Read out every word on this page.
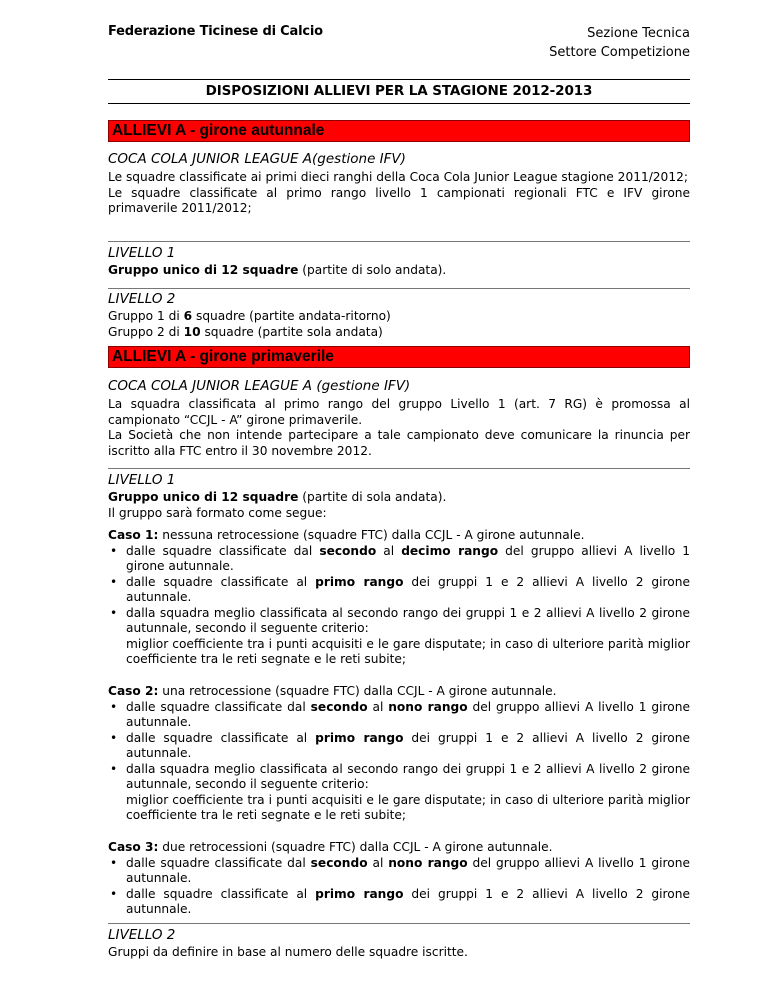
Federazione Ticinese di Calcio	Sezione Tecnica
Settore Competizione
DISPOSIZIONI ALLIEVI PER LA STAGIONE 2012-2013
ALLIEVI A - girone autunnale
COCA COLA JUNIOR LEAGUE A(gestione IFV)

Le squadre classificate ai primi dieci ranghi della Coca Cola Junior League stagione 2011/2012;

Le squadre classificate al primo rango livello 1 campionati regionali FTC e IFV girone primaverile 2011/2012;

LIVELLO 1

Gruppo unico di 12 squadre (partite di solo andata).

LIVELLO 2

Gruppo 1 di 6 squadre (partite andata-ritorno)

Gruppo 2 di 10 squadre (partite sola andata)

ALLIEVI A - girone primaverile
COCA COLA JUNIOR LEAGUE A (gestione IFV)

La squadra classificata al primo rango del gruppo Livello 1 (art. 7 RG) è promossa al campionato “CCJL - A” girone primaverile.

La Società che non intende partecipare a tale campionato deve comunicare la rinuncia per iscritto alla FTC entro il 30 novembre 2012.

LIVELLO 1

Gruppo unico di 12 squadre (partite di sola andata).

Il gruppo sarà formato come segue:

Caso 1: nessuna retrocessione (squadre FTC) dalla CCJL - A girone autunnale.

• dalle squadre classificate dal secondo al decimo rango del gruppo allievi A livello 1 girone autunnale.
• dalle squadre classificate al primo rango dei gruppi 1 e 2 allievi A livello 2 girone autunnale.
• dalla squadra meglio classificata al secondo rango dei gruppi 1 e 2 allievi A livello 2 girone autunnale, secondo il seguente criterio:
miglior coefficiente tra i punti acquisiti e le gare disputate; in caso di ulteriore parità miglior coefficiente tra le reti segnate e le reti subite;

Caso 2: una retrocessione (squadre FTC) dalla CCJL - A girone autunnale.

• dalle squadre classificate dal secondo al nono rango del gruppo allievi A livello 1 girone autunnale.
• dalle squadre classificate al primo rango dei gruppi 1 e 2 allievi A livello 2 girone autunnale.
• dalla squadra meglio classificata al secondo rango dei gruppi 1 e 2 allievi A livello 2 girone autunnale, secondo il seguente criterio:
miglior coefficiente tra i punti acquisiti e le gare disputate; in caso di ulteriore parità miglior coefficiente tra le reti segnate e le reti subite;

Caso 3: due retrocessioni (squadre FTC) dalla CCJL - A girone autunnale.

• dalle squadre classificate dal secondo al nono rango del gruppo allievi A livello 1 girone autunnale.
• dalle squadre classificate al primo rango dei gruppi 1 e 2 allievi A livello 2 girone autunnale.
LIVELLO 2

Gruppi da definire in base al numero delle squadre iscritte.
